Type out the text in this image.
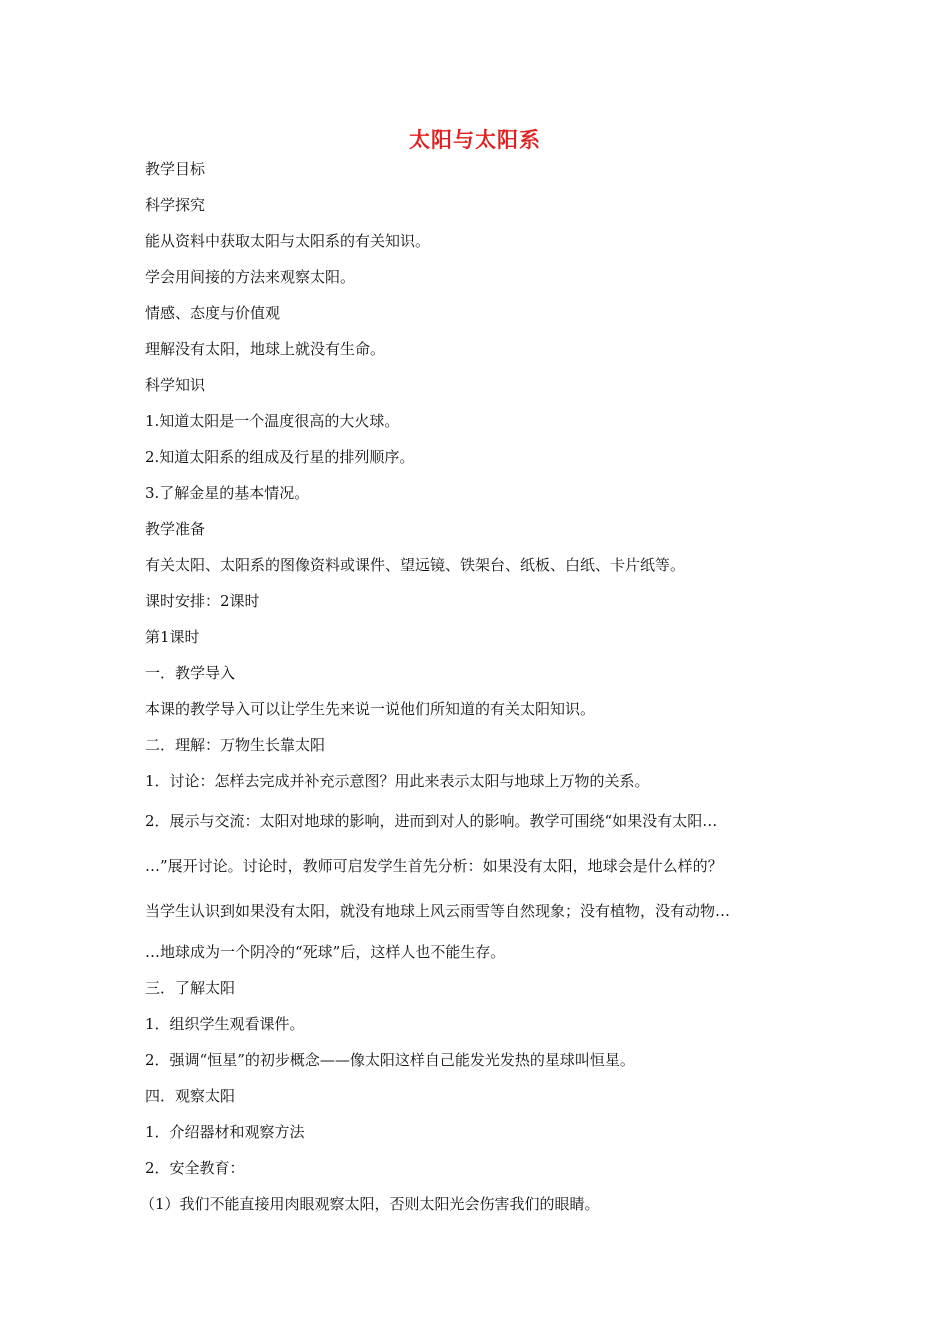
太阳与太阳系
教学目标
科学探究
能从资料中获取太阳与太阳系的有关知识。
学会用间接的方法来观察太阳。
情感、态度与价值观
理解没有太阳，地球上就没有生命。
科学知识
1.知道太阳是一个温度很高的大火球。
2.知道太阳系的组成及行星的排列顺序。
3.了解金星的基本情况。
教学准备
有关太阳、太阳系的图像资料或课件、望远镜、铁架台、纸板、白纸、卡片纸等。
课时安排：2课时
第1课时
一．教学导入
本课的教学导入可以让学生先来说一说他们所知道的有关太阳知识。
二．理解：万物生长靠太阳
1．讨论：怎样去完成并补充示意图？用此来表示太阳与地球上万物的关系。
2．展示与交流：太阳对地球的影响，进而到对人的影响。教学可围绕“如果没有太阳…
…”展开讨论。讨论时，教师可启发学生首先分析：如果没有太阳，地球会是什么样的？
当学生认识到如果没有太阳，就没有地球上风云雨雪等自然现象；没有植物，没有动物…
…地球成为一个阴冷的“死球”后，这样人也不能生存。
三．了解太阳
1．组织学生观看课件。
2．强调“恒星”的初步概念——像太阳这样自己能发光发热的星球叫恒星。
四．观察太阳
1．介绍器材和观察方法
2．安全教育：
（1）我们不能直接用肉眼观察太阳，否则太阳光会伤害我们的眼睛。
